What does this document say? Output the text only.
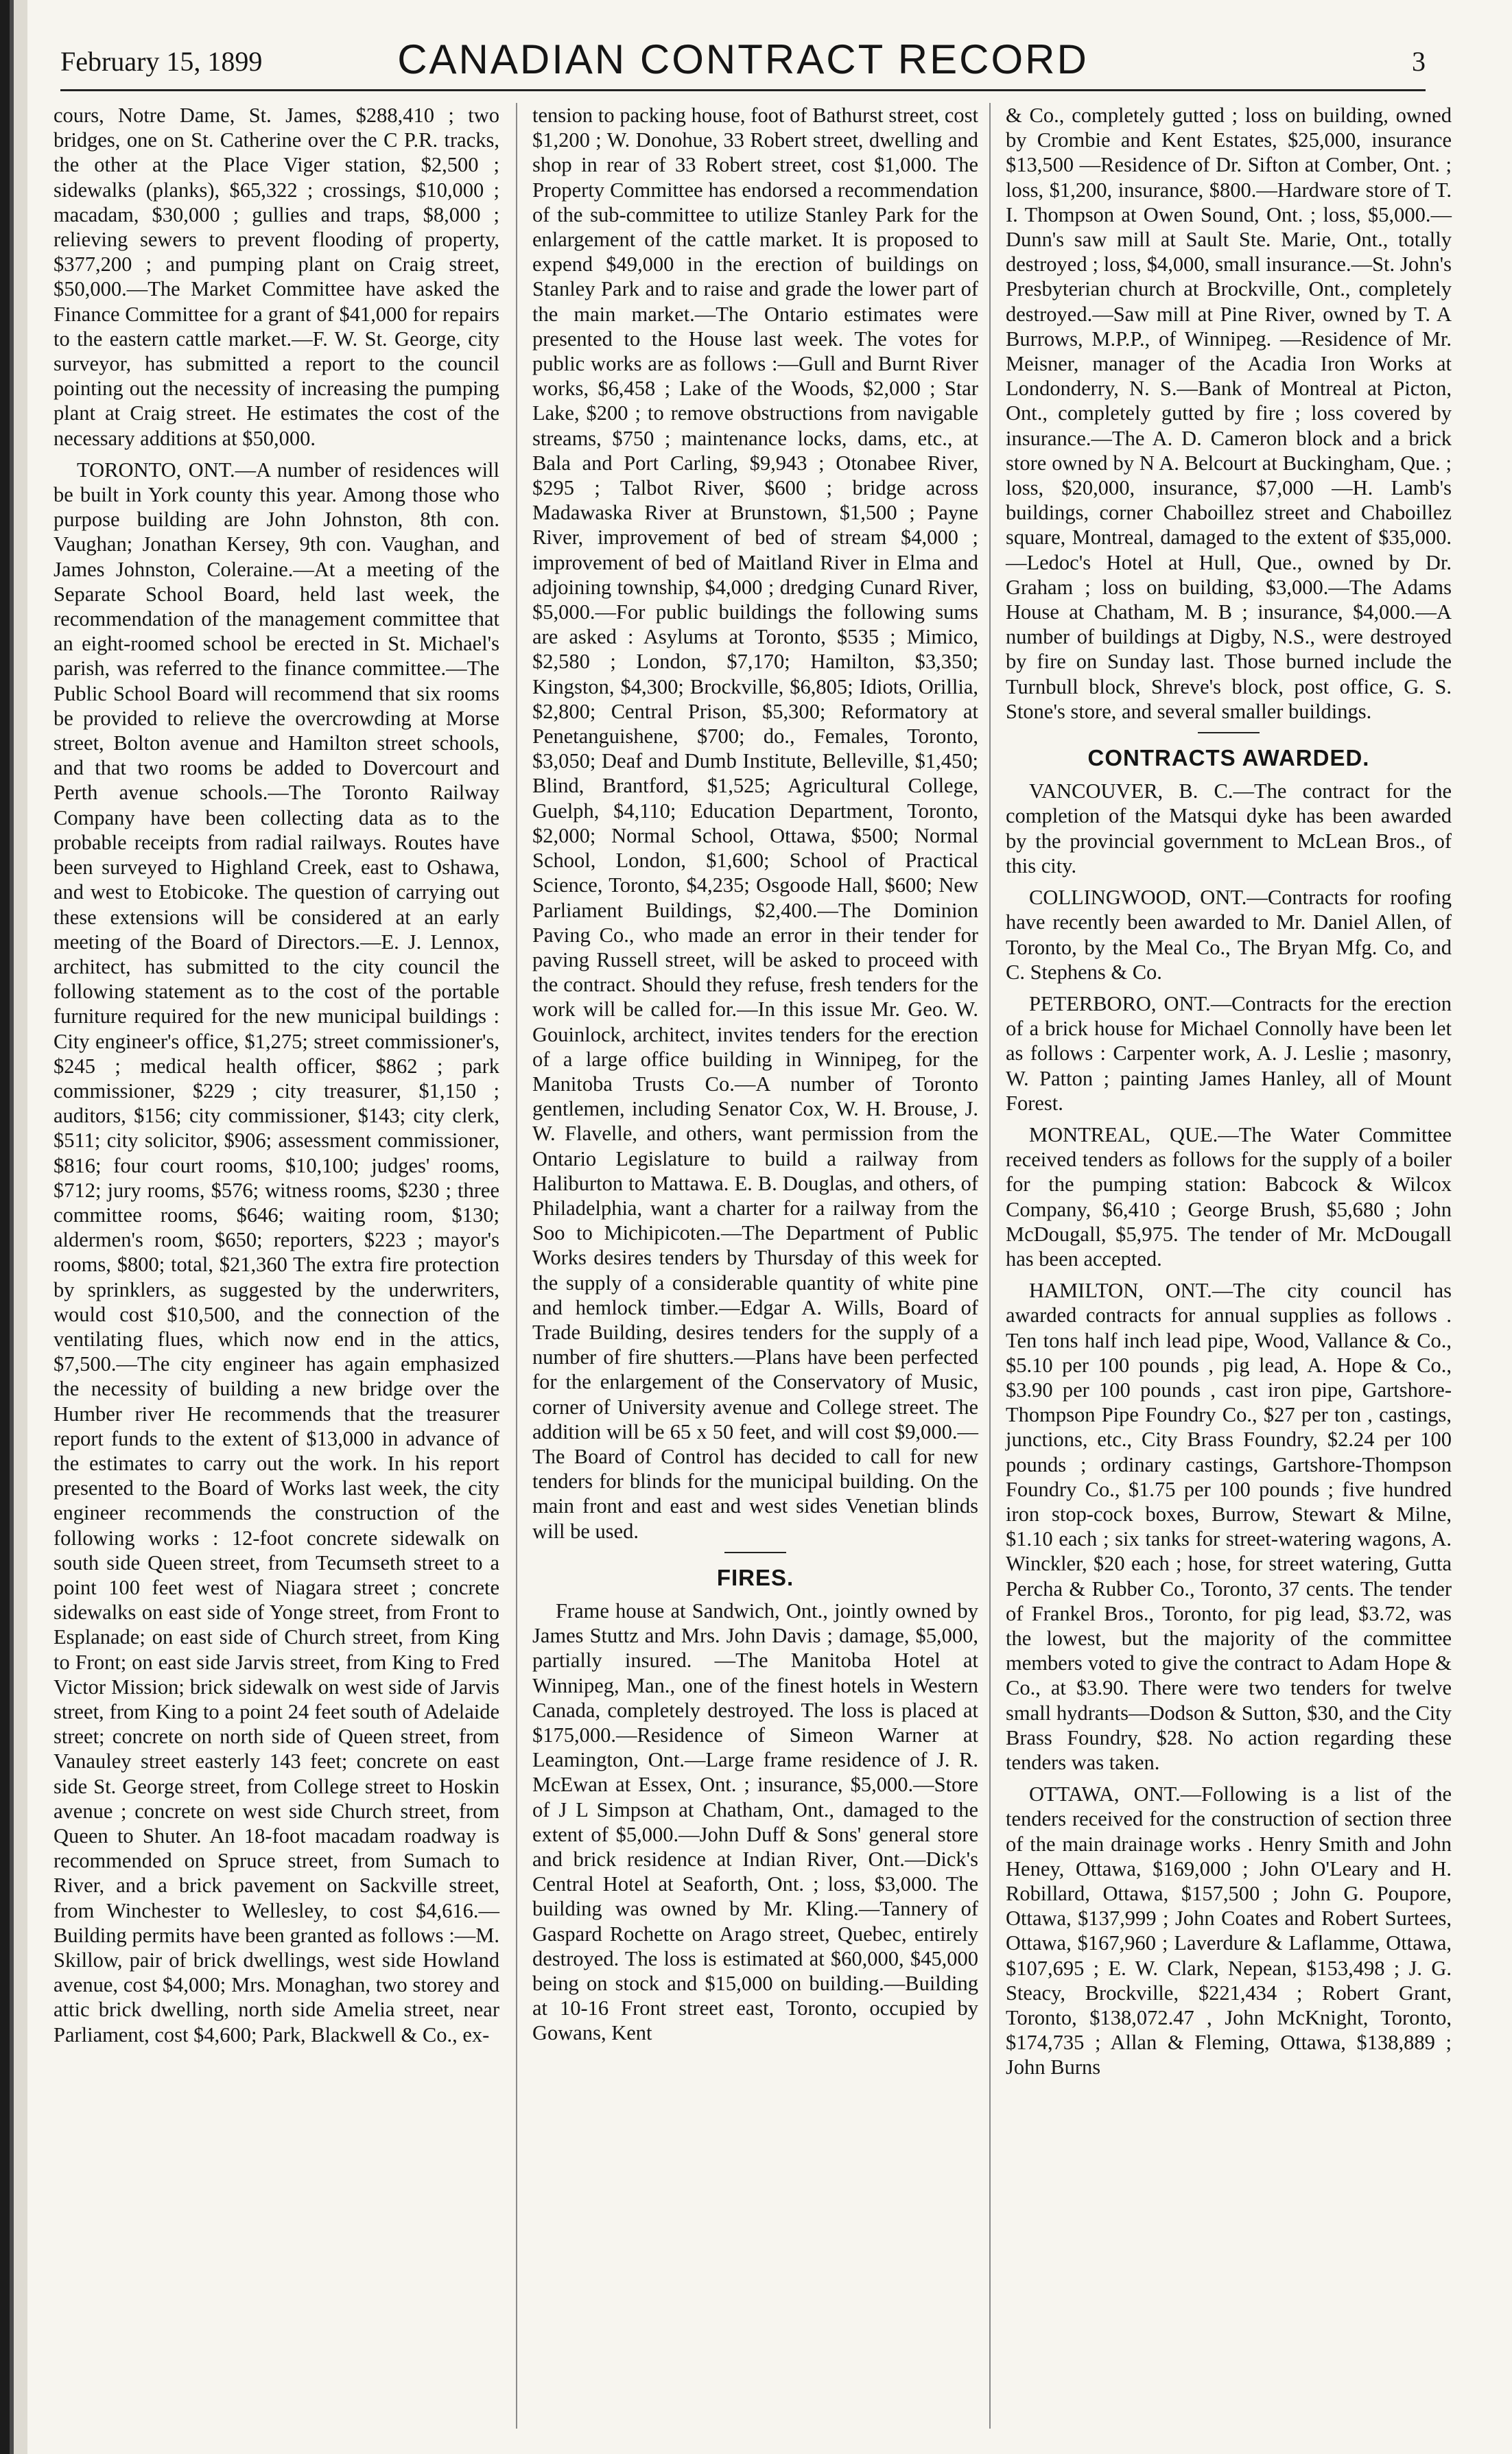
February 15, 1899	CANADIAN CONTRACT RECORD	3

cours, Notre Dame, St. James, $288,410 ; two bridges, one on St. Catherine over the C P.R. tracks, the other at the Place Viger station, $2,500 ; sidewalks (planks), $65,322 ; crossings, $10,000 ; macadam, $30,000 ; gullies and traps, $8,000 ; relieving sewers to prevent flooding of property, $377,200 ; and pumping plant on Craig street, $50,000.—The Market Committee have asked the Finance Committee for a grant of $41,000 for repairs to the eastern cattle market.—F. W. St. George, city surveyor, has submitted a report to the council pointing out the necessity of increasing the pumping plant at Craig street. He estimates the cost of the necessary additions at $50,000.

TORONTO, ONT.—A number of residences will be built in York county this year. Among those who purpose building are John Johnston, 8th con. Vaughan; Jonathan Kersey, 9th con. Vaughan, and James Johnston, Coleraine.—At a meeting of the Separate School Board, held last week, the recommendation of the management committee that an eight-roomed school be erected in St. Michael's parish, was referred to the finance committee.—The Public School Board will recommend that six rooms be provided to relieve the overcrowding at Morse street, Bolton avenue and Hamilton street schools, and that two rooms be added to Dovercourt and Perth avenue schools.—The Toronto Railway Company have been collecting data as to the probable receipts from radial railways. Routes have been surveyed to Highland Creek, east to Oshawa, and west to Etobicoke. The question of carrying out these extensions will be considered at an early meeting of the Board of Directors.—E. J. Lennox, architect, has submitted to the city council the following statement as to the cost of the portable furniture required for the new municipal buildings : City engineer's office, $1,275; street commissioner's, $245 ; medical health officer, $862 ; park commissioner, $229 ; city treasurer, $1,150 ; auditors, $156; city commissioner, $143; city clerk, $511; city solicitor, $906; assessment commissioner, $816; four court rooms, $10,100; judges' rooms, $712; jury rooms, $576; witness rooms, $230 ; three committee rooms, $646; waiting room, $130; aldermen's room, $650; reporters, $223 ; mayor's rooms, $800; total, $21,360 The extra fire protection by sprinklers, as suggested by the underwriters, would cost $10,500, and the connection of the ventilating flues, which now end in the attics, $7,500.—The city engineer has again emphasized the necessity of building a new bridge over the Humber river He recommends that the treasurer report funds to the extent of $13,000 in advance of the estimates to carry out the work. In his report presented to the Board of Works last week, the city engineer recommends the construction of the following works : 12-foot concrete sidewalk on south side Queen street, from Tecumseth street to a point 100 feet west of Niagara street ; concrete sidewalks on east side of Yonge street, from Front to Esplanade; on east side of Church street, from King to Front; on east side Jarvis street, from King to Fred Victor Mission; brick sidewalk on west side of Jarvis street, from King to a point 24 feet south of Adelaide street; concrete on north side of Queen street, from Vanauley street easterly 143 feet; concrete on east side St. George street, from College street to Hoskin avenue ; concrete on west side Church street, from Queen to Shuter. An 18-foot macadam roadway is recommended on Spruce street, from Sumach to River, and a brick pavement on Sackville street, from Winchester to Wellesley, to cost $4,616.—Building permits have been granted as follows :—M. Skillow, pair of brick dwellings, west side Howland avenue, cost $4,000; Mrs. Monaghan, two storey and attic brick dwelling, north side Amelia street, near Parliament, cost $4,600; Park, Blackwell & Co., ex-

tension to packing house, foot of Bathurst street, cost $1,200 ; W. Donohue, 33 Robert street, dwelling and shop in rear of 33 Robert street, cost $1,000. The Property Committee has endorsed a recommendation of the sub-committee to utilize Stanley Park for the enlargement of the cattle market. It is proposed to expend $49,000 in the erection of buildings on Stanley Park and to raise and grade the lower part of the main market.—The Ontario estimates were presented to the House last week. The votes for public works are as follows :—Gull and Burnt River works, $6,458 ; Lake of the Woods, $2,000 ; Star Lake, $200 ; to remove obstructions from navigable streams, $750 ; maintenance locks, dams, etc., at Bala and Port Carling, $9,943 ; Otonabee River, $295 ; Talbot River, $600 ; bridge across Madawaska River at Brunstown, $1,500 ; Payne River, improvement of bed of stream $4,000 ; improvement of bed of Maitland River in Elma and adjoining township, $4,000 ; dredging Cunard River, $5,000.—For public buildings the following sums are asked : Asylums at Toronto, $535 ; Mimico, $2,580 ; London, $7,170; Hamilton, $3,350; Kingston, $4,300; Brockville, $6,805; Idiots, Orillia, $2,800; Central Prison, $5,300; Reformatory at Penetanguishene, $700; do., Females, Toronto, $3,050; Deaf and Dumb Institute, Belleville, $1,450; Blind, Brantford, $1,525; Agricultural College, Guelph, $4,110; Education Department, Toronto, $2,000; Normal School, Ottawa, $500; Normal School, London, $1,600; School of Practical Science, Toronto, $4,235; Osgoode Hall, $600; New Parliament Buildings, $2,400.—The Dominion Paving Co., who made an error in their tender for paving Russell street, will be asked to proceed with the contract. Should they refuse, fresh tenders for the work will be called for.—In this issue Mr. Geo. W. Gouinlock, architect, invites tenders for the erection of a large office building in Winnipeg, for the Manitoba Trusts Co.—A number of Toronto gentlemen, including Senator Cox, W. H. Brouse, J. W. Flavelle, and others, want permission from the Ontario Legislature to build a railway from Haliburton to Mattawa. E. B. Douglas, and others, of Philadelphia, want a charter for a railway from the Soo to Michipicoten.—The Department of Public Works desires tenders by Thursday of this week for the supply of a considerable quantity of white pine and hemlock timber.—Edgar A. Wills, Board of Trade Building, desires tenders for the supply of a number of fire shutters.—Plans have been perfected for the enlargement of the Conservatory of Music, corner of University avenue and College street. The addition will be 65 x 50 feet, and will cost $9,000.—The Board of Control has decided to call for new tenders for blinds for the municipal building. On the main front and east and west sides Venetian blinds will be used.

FIRES.

Frame house at Sandwich, Ont., jointly owned by James Stuttz and Mrs. John Davis ; damage, $5,000, partially insured. —The Manitoba Hotel at Winnipeg, Man., one of the finest hotels in Western Canada, completely destroyed. The loss is placed at $175,000.—Residence of Simeon Warner at Leamington, Ont.—Large frame residence of J. R. McEwan at Essex, Ont. ; insurance, $5,000.—Store of J L Simpson at Chatham, Ont., damaged to the extent of $5,000.—John Duff & Sons' general store and brick residence at Indian River, Ont.—Dick's Central Hotel at Seaforth, Ont. ; loss, $3,000. The building was owned by Mr. Kling.—Tannery of Gaspard Rochette on Arago street, Quebec, entirely destroyed. The loss is estimated at $60,000, $45,000 being on stock and $15,000 on building.—Building at 10-16 Front street east, Toronto, occupied by Gowans, Kent

& Co., completely gutted ; loss on building, owned by Crombie and Kent Estates, $25,000, insurance $13,500 —Residence of Dr. Sifton at Comber, Ont. ; loss, $1,200, insurance, $800.—Hardware store of T. I. Thompson at Owen Sound, Ont. ; loss, $5,000.—Dunn's saw mill at Sault Ste. Marie, Ont., totally destroyed ; loss, $4,000, small insurance.—St. John's Presbyterian church at Brockville, Ont., completely destroyed.—Saw mill at Pine River, owned by T. A Burrows, M.P.P., of Winnipeg. —Residence of Mr. Meisner, manager of the Acadia Iron Works at Londonderry, N. S.—Bank of Montreal at Picton, Ont., completely gutted by fire ; loss covered by insurance.—The A. D. Cameron block and a brick store owned by N A. Belcourt at Buckingham, Que. ; loss, $20,000, insurance, $7,000 —H. Lamb's buildings, corner Chaboillez street and Chaboillez square, Montreal, damaged to the extent of $35,000.—Ledoc's Hotel at Hull, Que., owned by Dr. Graham ; loss on building, $3,000.—The Adams House at Chatham, M. B ; insurance, $4,000.—A number of buildings at Digby, N.S., were destroyed by fire on Sunday last. Those burned include the Turnbull block, Shreve's block, post office, G. S. Stone's store, and several smaller buildings.

CONTRACTS AWARDED.

VANCOUVER, B. C.—The contract for the completion of the Matsqui dyke has been awarded by the provincial government to McLean Bros., of this city.

COLLINGWOOD, ONT.—Contracts for roofing have recently been awarded to Mr. Daniel Allen, of Toronto, by the Meal Co., The Bryan Mfg. Co, and C. Stephens & Co.

PETERBORO, ONT.—Contracts for the erection of a brick house for Michael Connolly have been let as follows : Carpenter work, A. J. Leslie ; masonry, W. Patton ; painting James Hanley, all of Mount Forest.

MONTREAL, QUE.—The Water Committee received tenders as follows for the supply of a boiler for the pumping station: Babcock & Wilcox Company, $6,410 ; George Brush, $5,680 ; John McDougall, $5,975. The tender of Mr. McDougall has been accepted.

HAMILTON, ONT.—The city council has awarded contracts for annual supplies as follows . Ten tons half inch lead pipe, Wood, Vallance & Co., $5.10 per 100 pounds , pig lead, A. Hope & Co., $3.90 per 100 pounds , cast iron pipe, Gartshore-Thompson Pipe Foundry Co., $27 per ton , castings, junctions, etc., City Brass Foundry, $2.24 per 100 pounds ; ordinary castings, Gartshore-Thompson Foundry Co., $1.75 per 100 pounds ; five hundred iron stop-cock boxes, Burrow, Stewart & Milne, $1.10 each ; six tanks for street-watering wagons, A. Winckler, $20 each ; hose, for street watering, Gutta Percha & Rubber Co., Toronto, 37 cents. The tender of Frankel Bros., Toronto, for pig lead, $3.72, was the lowest, but the majority of the committee members voted to give the contract to Adam Hope & Co., at $3.90. There were two tenders for twelve small hydrants—Dodson & Sutton, $30, and the City Brass Foundry, $28. No action regarding these tenders was taken.

OTTAWA, ONT.—Following is a list of the tenders received for the construction of section three of the main drainage works . Henry Smith and John Heney, Ottawa, $169,000 ; John O'Leary and H. Robillard, Ottawa, $157,500 ; John G. Poupore, Ottawa, $137,999 ; John Coates and Robert Surtees, Ottawa, $167,960 ; Laverdure & Laflamme, Ottawa, $107,695 ; E. W. Clark, Nepean, $153,498 ; J. G. Steacy, Brockville, $221,434 ; Robert Grant, Toronto, $138,072.47 , John McKnight, Toronto, $174,735 ; Allan & Fleming, Ottawa, $138,889 ; John Burns
